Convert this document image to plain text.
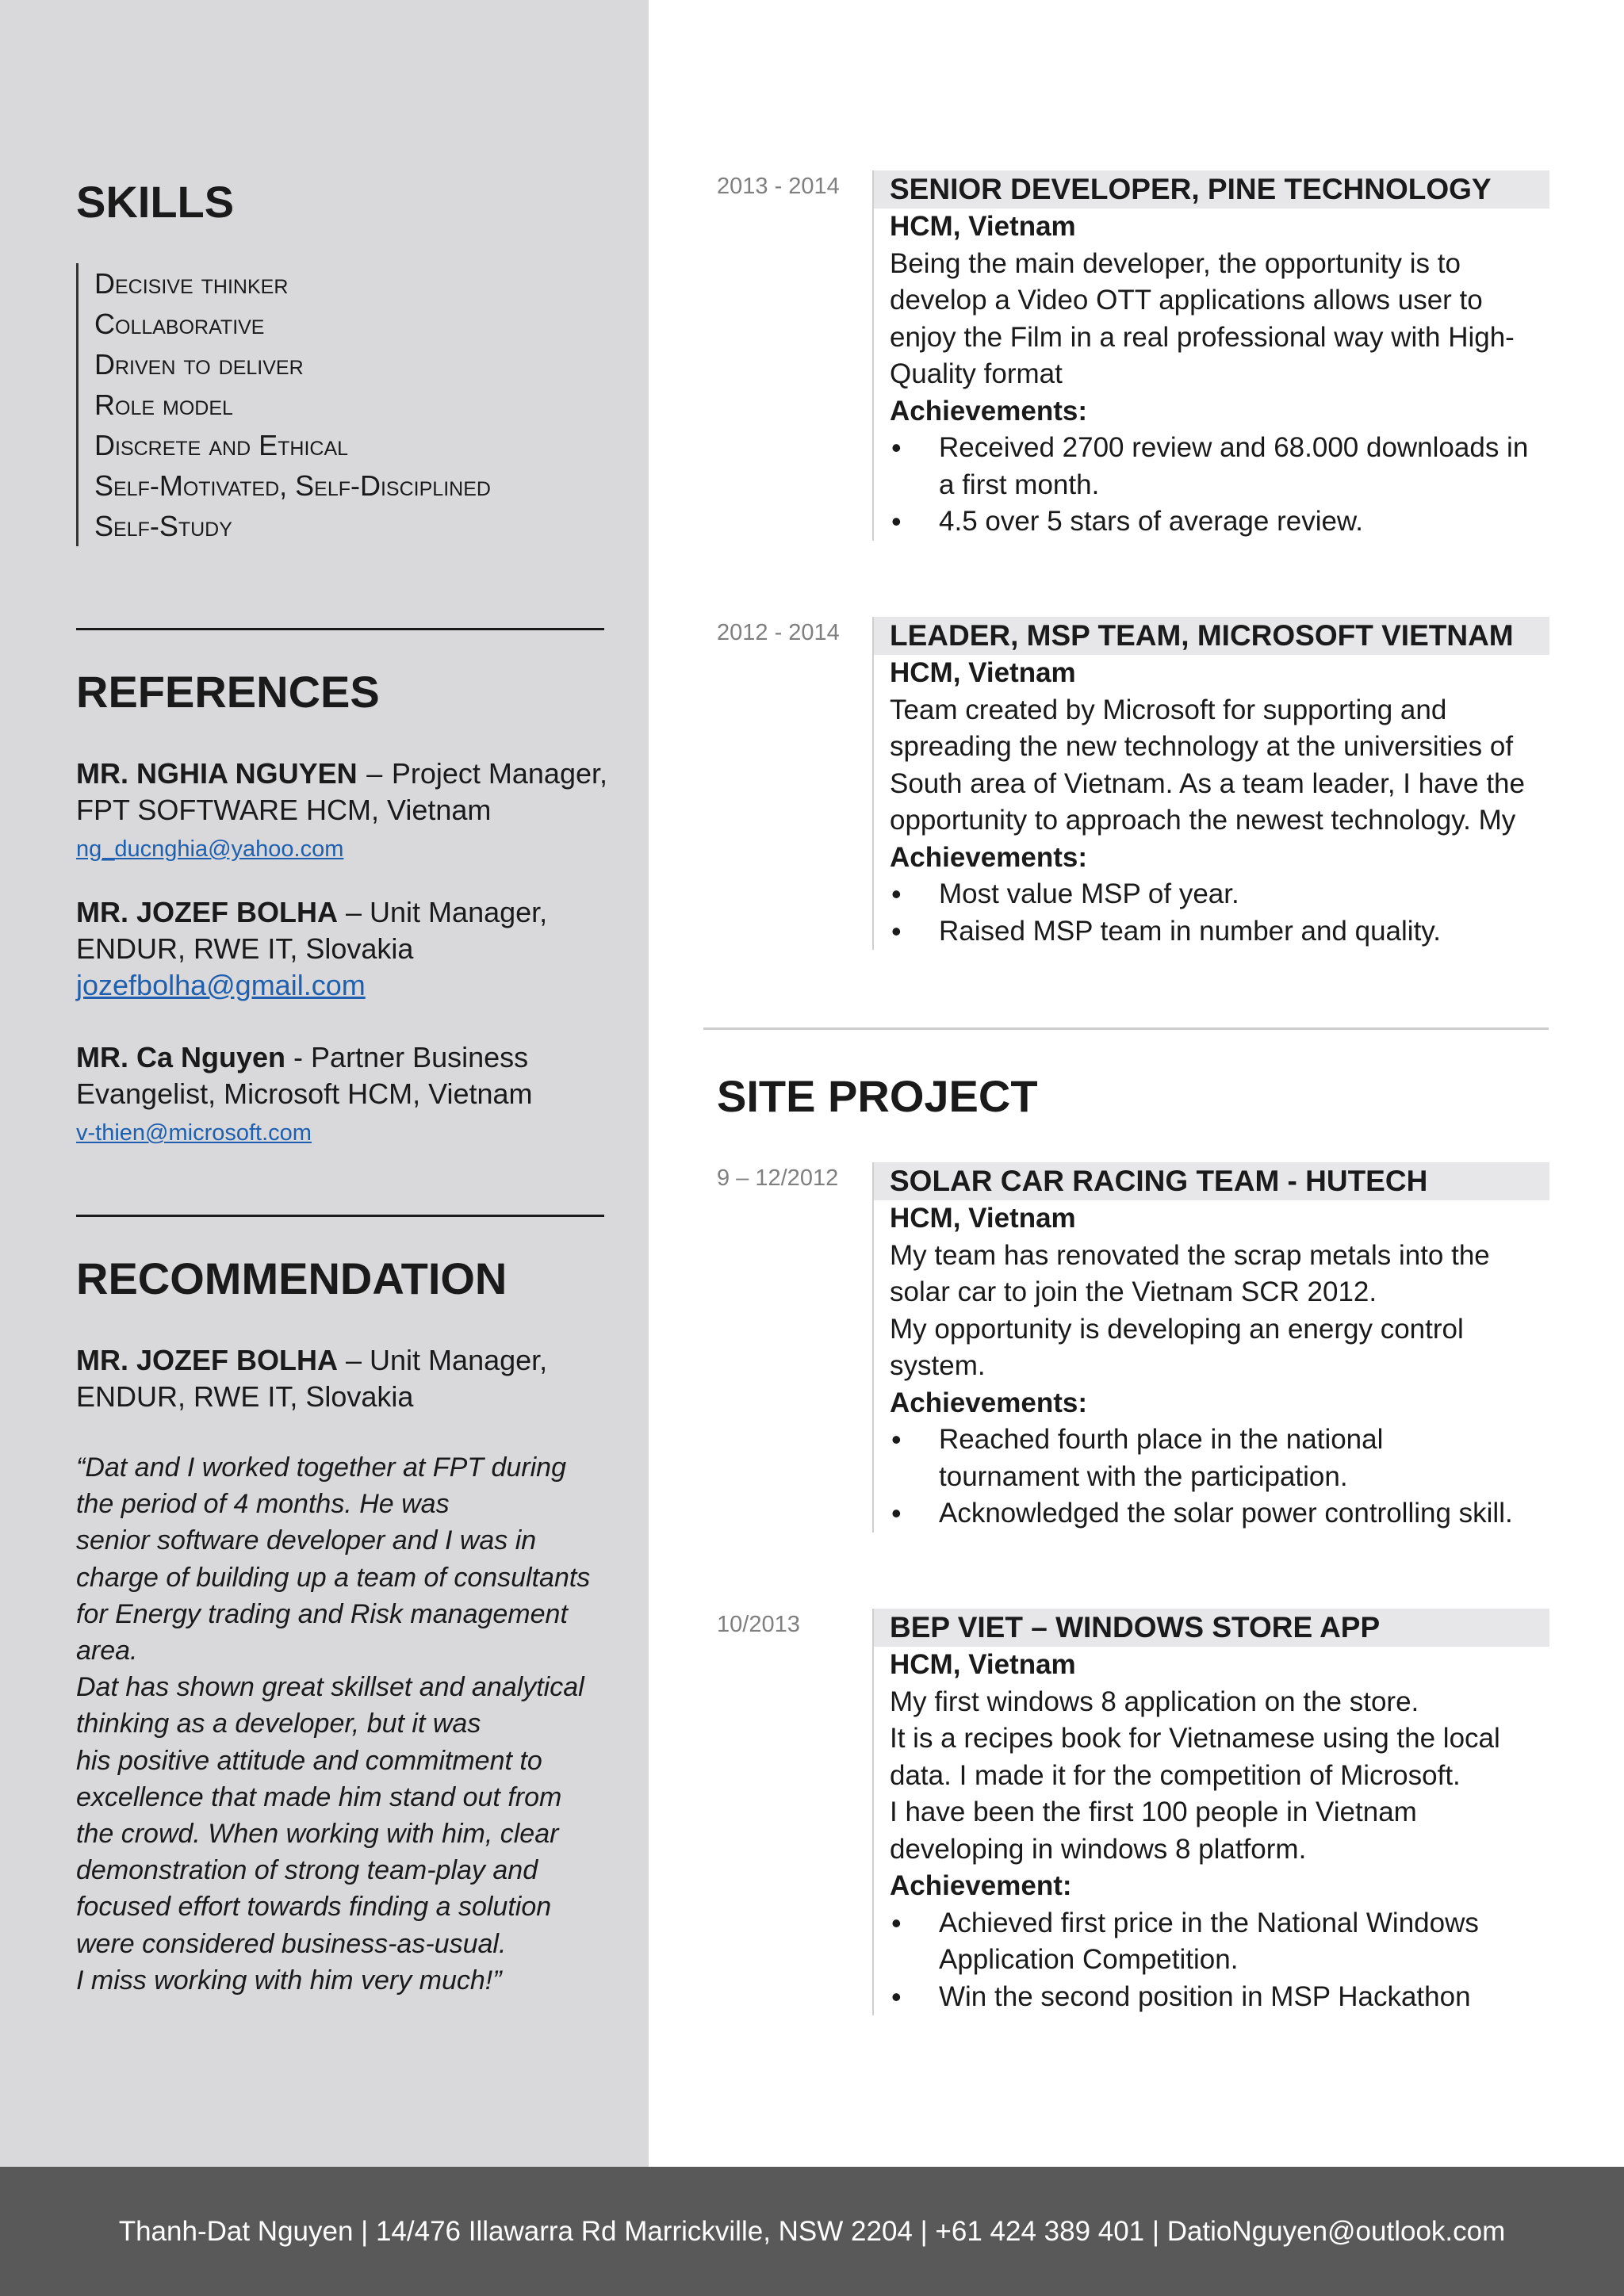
SKILLS
Decisive thinker
Collaborative
Driven to deliver
Role model
Discrete and Ethical
Self-Motivated, Self-Disciplined
Self-Study
REFERENCES
MR. NGHIA NGUYEN – Project Manager,
FPT SOFTWARE HCM, Vietnam
ng_ducnghia@yahoo.com
MR. JOZEF BOLHA – Unit Manager,
ENDUR, RWE IT, Slovakia
jozefbolha@gmail.com
MR. Ca Nguyen - Partner Business
Evangelist, Microsoft HCM, Vietnam
v-thien@microsoft.com
RECOMMENDATION
MR. JOZEF BOLHA – Unit Manager,
ENDUR, RWE IT, Slovakia
“Dat and I worked together at FPT during
the period of 4 months. He was
senior software developer and I was in
charge of building up a team of consultants
for Energy trading and Risk management
area.
Dat has shown great skillset and analytical
thinking as a developer, but it was
his positive attitude and commitment to
excellence that made him stand out from
the crowd. When working with him, clear
demonstration of strong team-play and
focused effort towards finding a solution
were considered business-as-usual.
I miss working with him very much!”
2013 - 2014	SENIOR DEVELOPER, PINE TECHNOLOGY
HCM, Vietnam
Being the main developer, the opportunity is to
develop a Video OTT applications allows user to
enjoy the Film in a real professional way with High-
Quality format
Achievements:
• Received 2700 review and 68.000 downloads in
a first month.
• 4.5 over 5 stars of average review.
2012 - 2014	LEADER, MSP TEAM, MICROSOFT VIETNAM
HCM, Vietnam
Team created by Microsoft for supporting and
spreading the new technology at the universities of
South area of Vietnam. As a team leader, I have the
opportunity to approach the newest technology. My
Achievements:
• Most value MSP of year.
• Raised MSP team in number and quality.
SITE PROJECT
9 – 12/2012	SOLAR CAR RACING TEAM - HUTECH
HCM, Vietnam
My team has renovated the scrap metals into the
solar car to join the Vietnam SCR 2012.
My opportunity is developing an energy control
system.
Achievements:
• Reached fourth place in the national
tournament with the participation.
• Acknowledged the solar power controlling skill.
10/2013	BEP VIET – WINDOWS STORE APP
HCM, Vietnam
My first windows 8 application on the store.
It is a recipes book for Vietnamese using the local
data. I made it for the competition of Microsoft.
I have been the first 100 people in Vietnam
developing in windows 8 platform.
Achievement:
• Achieved first price in the National Windows
Application Competition.
• Win the second position in MSP Hackathon
Thanh-Dat Nguyen | 14/476 Illawarra Rd Marrickville, NSW 2204 | +61 424 389 401 | DatioNguyen@outlook.com
